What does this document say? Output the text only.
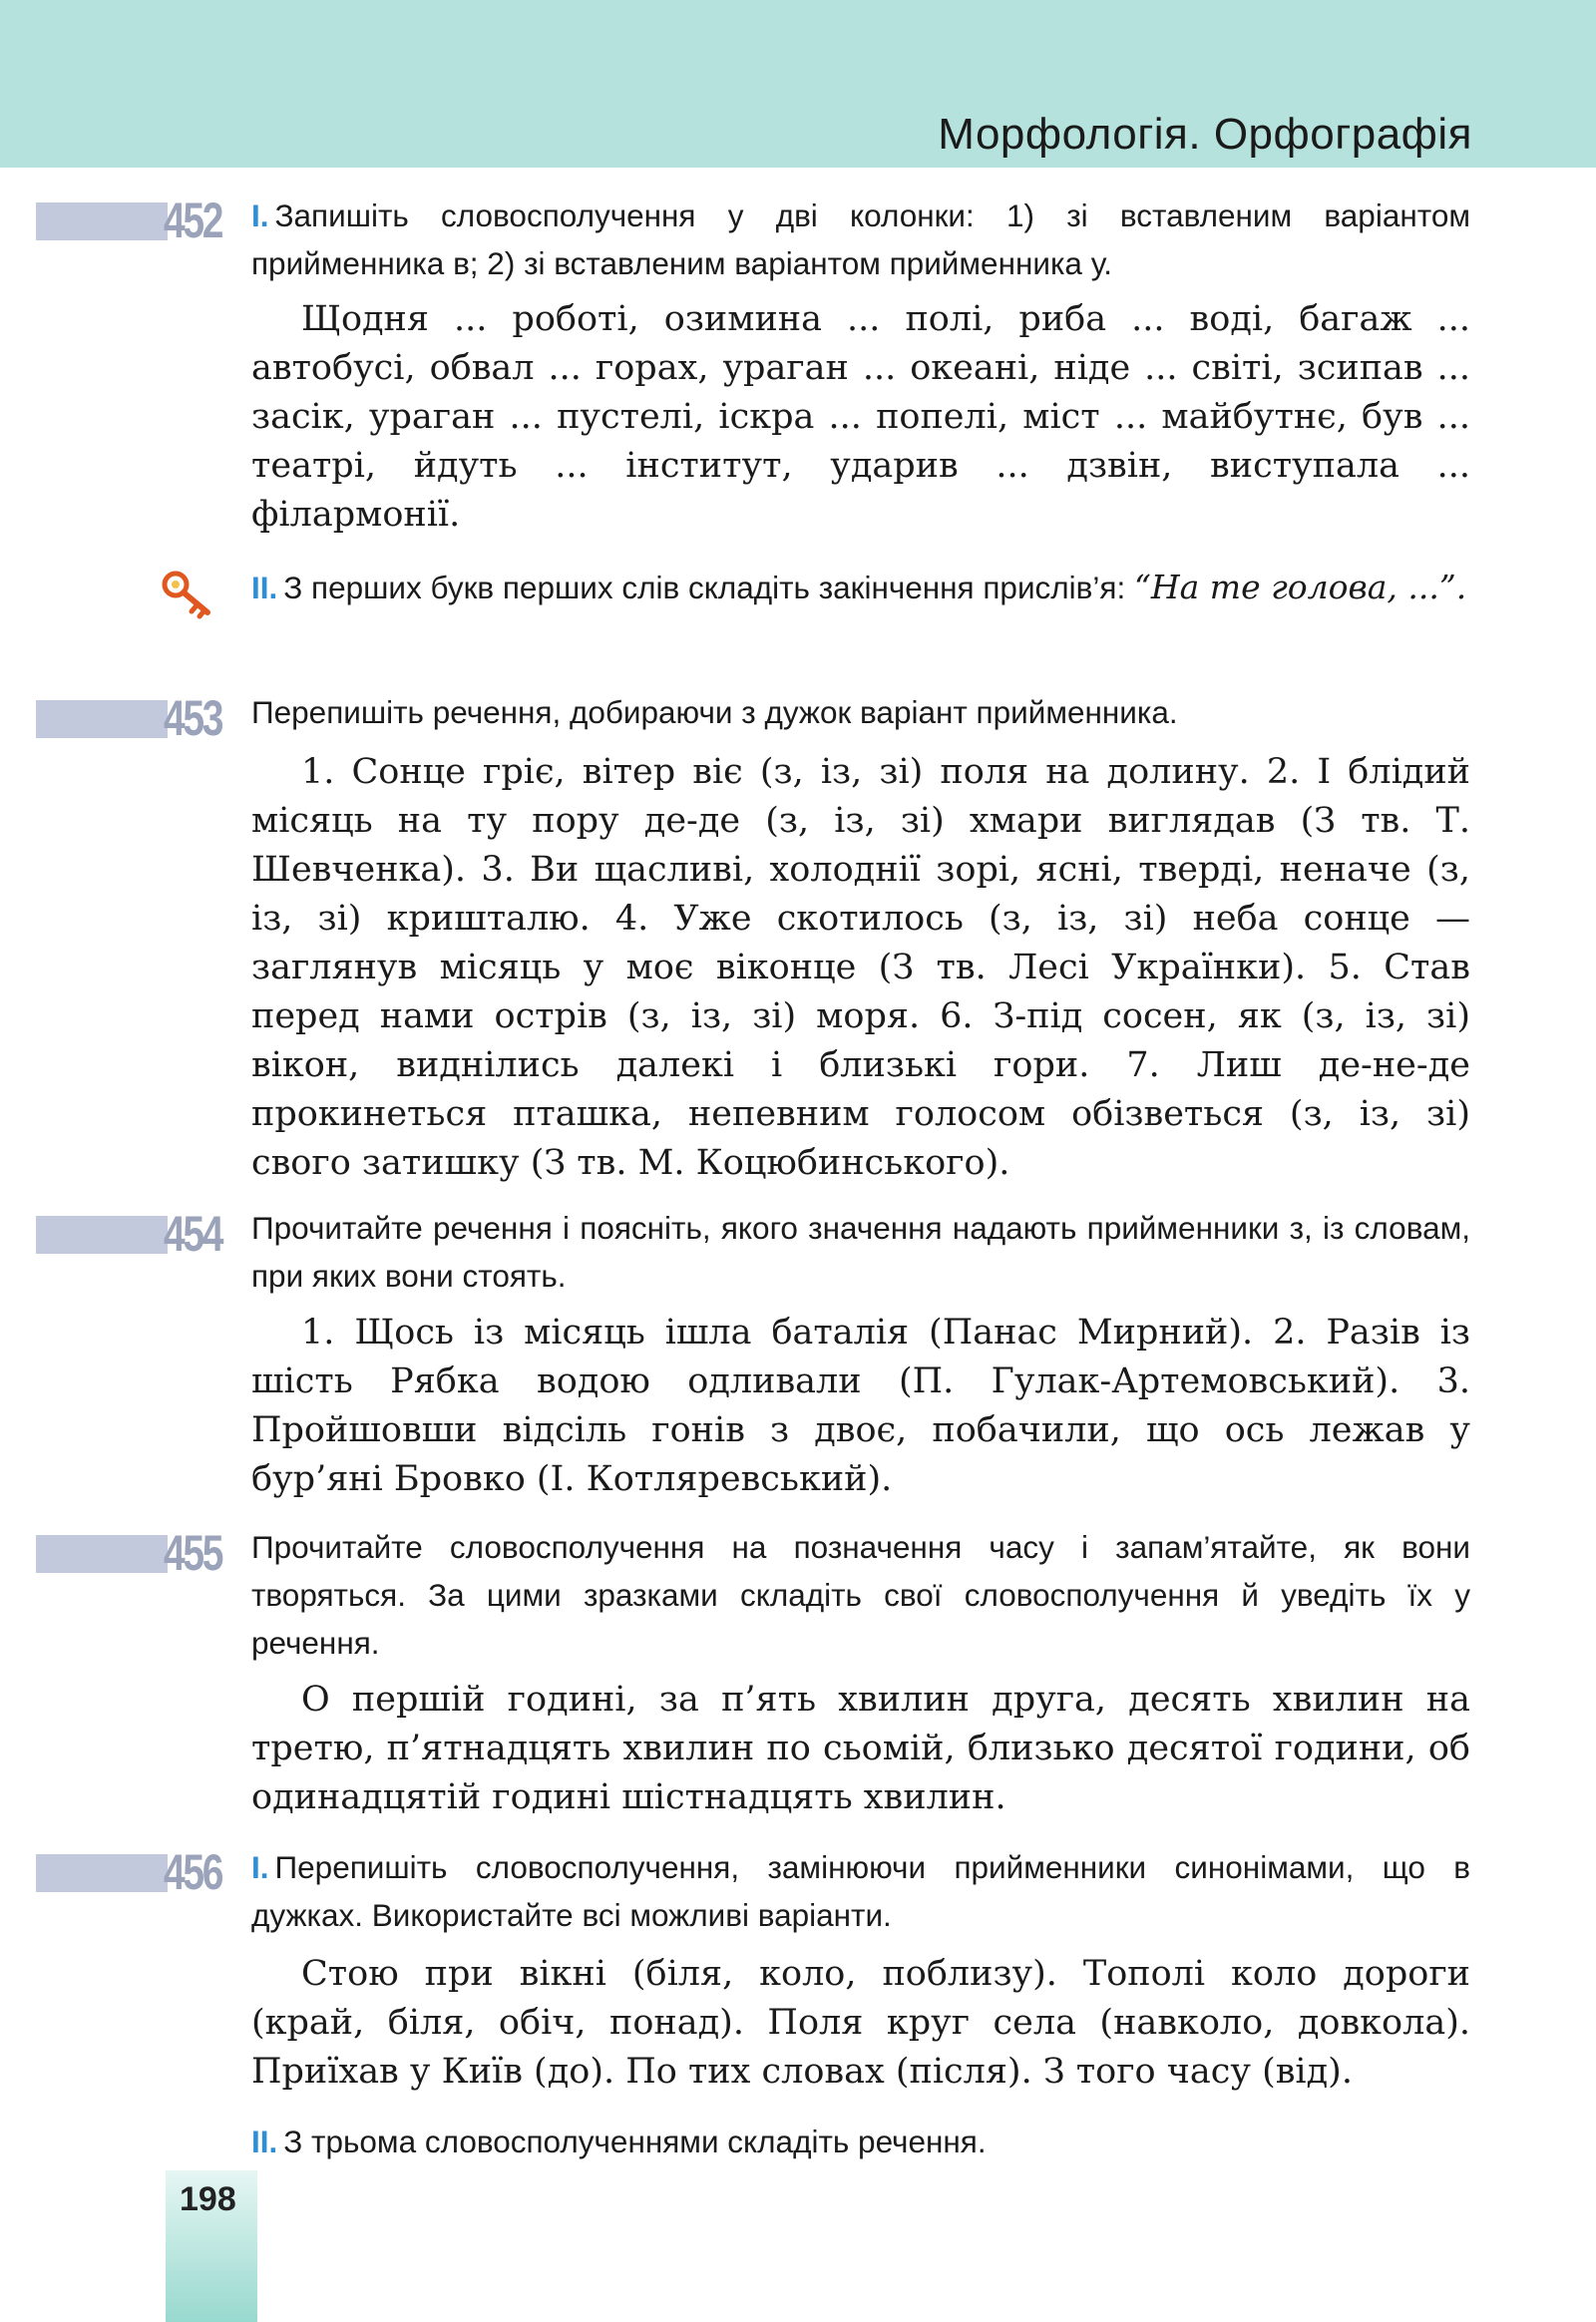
Морфологія. Орфографія
452 I. Запишіть словосполучення у дві колонки: 1) зі вставленим варіантом прийменника в; 2) зі вставленим варіантом прийменника у.
Щодня ... роботі, озимина ... полі, риба ... воді, багаж ... автобусі, обвал ... горах, ураган ... океані, ніде ... світі, зсипав ... засік, ураган ... пустелі, іскра ... попелі, міст ... майбутнє, був ... театрі, йдуть ... інститут, ударив ... дзвін, виступала ... філармонії.
II. З перших букв перших слів складіть закінчення прислів’я: “На те голова, ...”.
453 Перепишіть речення, добираючи з дужок варіант прийменника.
1. Сонце гріє, вітер віє (з, із, зі) поля на долину. 2. І блідий місяць на ту пору де-де (з, із, зі) хмари виглядав (З тв. Т. Шевченка). 3. Ви щасливі, холоднії зорі, ясні, тверді, неначе (з, із, зі) кришталю. 4. Уже скотилось (з, із, зі) неба сонце — заглянув місяць у моє віконце (З тв. Лесі Українки). 5. Став перед нами острів (з, із, зі) моря. 6. З-під сосен, як (з, із, зі) вікон, виднілись далекі і близькі гори. 7. Лиш де-не-де прокинеться пташка, непевним голосом обізветься (з, із, зі) свого затишку (З тв. М. Коцюбинського).
454 Прочитайте речення і поясніть, якого значення надають прийменники з, із словам, при яких вони стоять.
1. Щось із місяць ішла баталія (Панас Мирний). 2. Разів із шість Рябка водою одливали (П. Гулак-Артемовський). 3. Пройшовши відсіль гонів з двоє, побачили, що ось лежав у бур’яні Бровко (І. Котляревський).
455 Прочитайте словосполучення на позначення часу і запам’ятайте, як вони творяться. За цими зразками складіть свої словосполучення й уведіть їх у речення.
О першій годині, за п’ять хвилин друга, десять хвилин на третю, п’ятнадцять хвилин по сьомій, близько десятої години, об одинадцятій годині шістнадцять хвилин.
456 I. Перепишіть словосполучення, замінюючи прийменники синонімами, що в дужках. Використайте всі можливі варіанти.
Стою при вікні (біля, коло, поблизу). Тополі коло дороги (край, біля, обіч, понад). Поля круг села (навколо, довкола). Приїхав у Київ (до). По тих словах (після). З того часу (від).
II. З трьома словосполученнями складіть речення.
198
